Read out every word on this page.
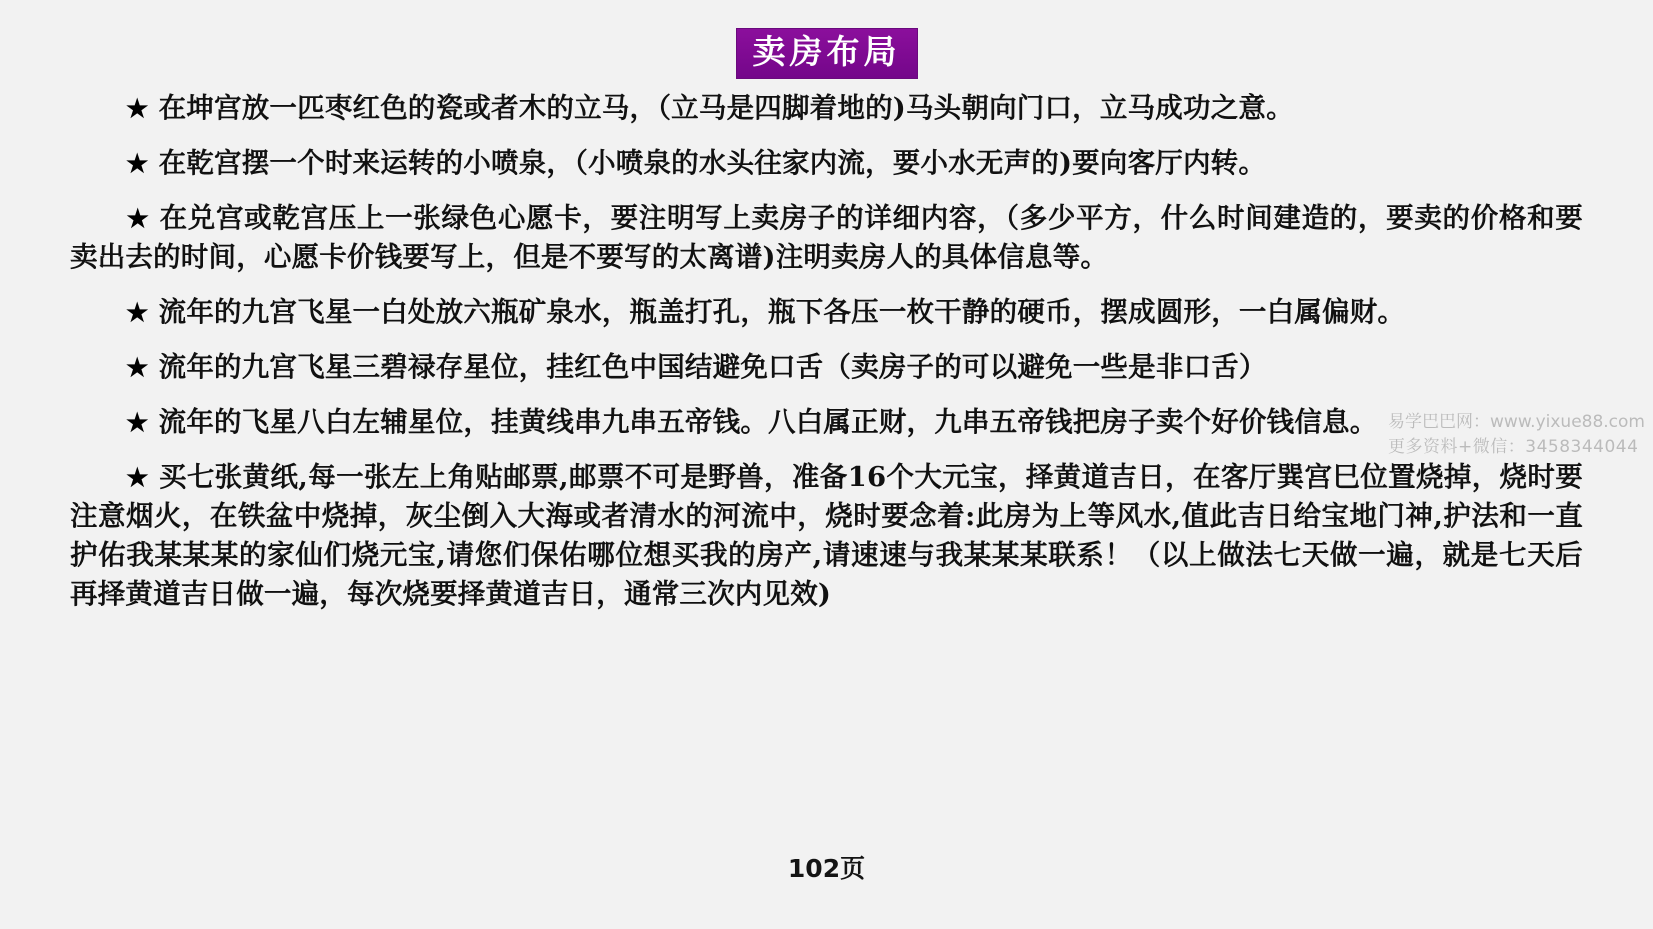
卖房布局

★ 在坤宫放一匹枣红色的瓷或者木的立马，（立马是四脚着地的)马头朝向门口，立马成功之意。

★ 在乾宫摆一个时来运转的小喷泉，（小喷泉的水头往家内流，要小水无声的)要向客厅内转。

★ 在兑宫或乾宫压上一张绿色心愿卡，要注明写上卖房子的详细内容，（多少平方，什么时间建造的，要卖的价格和要卖出去的时间，心愿卡价钱要写上，但是不要写的太离谱)注明卖房人的具体信息等。

★ 流年的九宫飞星一白处放六瓶矿泉水，瓶盖打孔，瓶下各压一枚干静的硬币，摆成圆形，一白属偏财。

★ 流年的九宫飞星三碧禄存星位，挂红色中国结避免口舌（卖房子的可以避免一些是非口舌）

★ 流年的飞星八白左辅星位，挂黄线串九串五帝钱。八白属正财，九串五帝钱把房子卖个好价钱信息。

★ 买七张黄纸,每一张左上角贴邮票,邮票不可是野兽，准备16个大元宝，择黄道吉日，在客厅巽宫巳位置烧掉，烧时要注意烟火，在铁盆中烧掉，灰尘倒入大海或者清水的河流中，烧时要念着:此房为上等风水,值此吉日给宝地门神,护法和一直护佑我某某某的家仙们烧元宝,请您们保佑哪位想买我的房产,请速速与我某某某联系！（以上做法七天做一遍，就是七天后再择黄道吉日做一遍，每次烧要择黄道吉日，通常三次内见效)

易学巴巴网：www.yixue88.com
更多资料+微信：3458344044
102页
